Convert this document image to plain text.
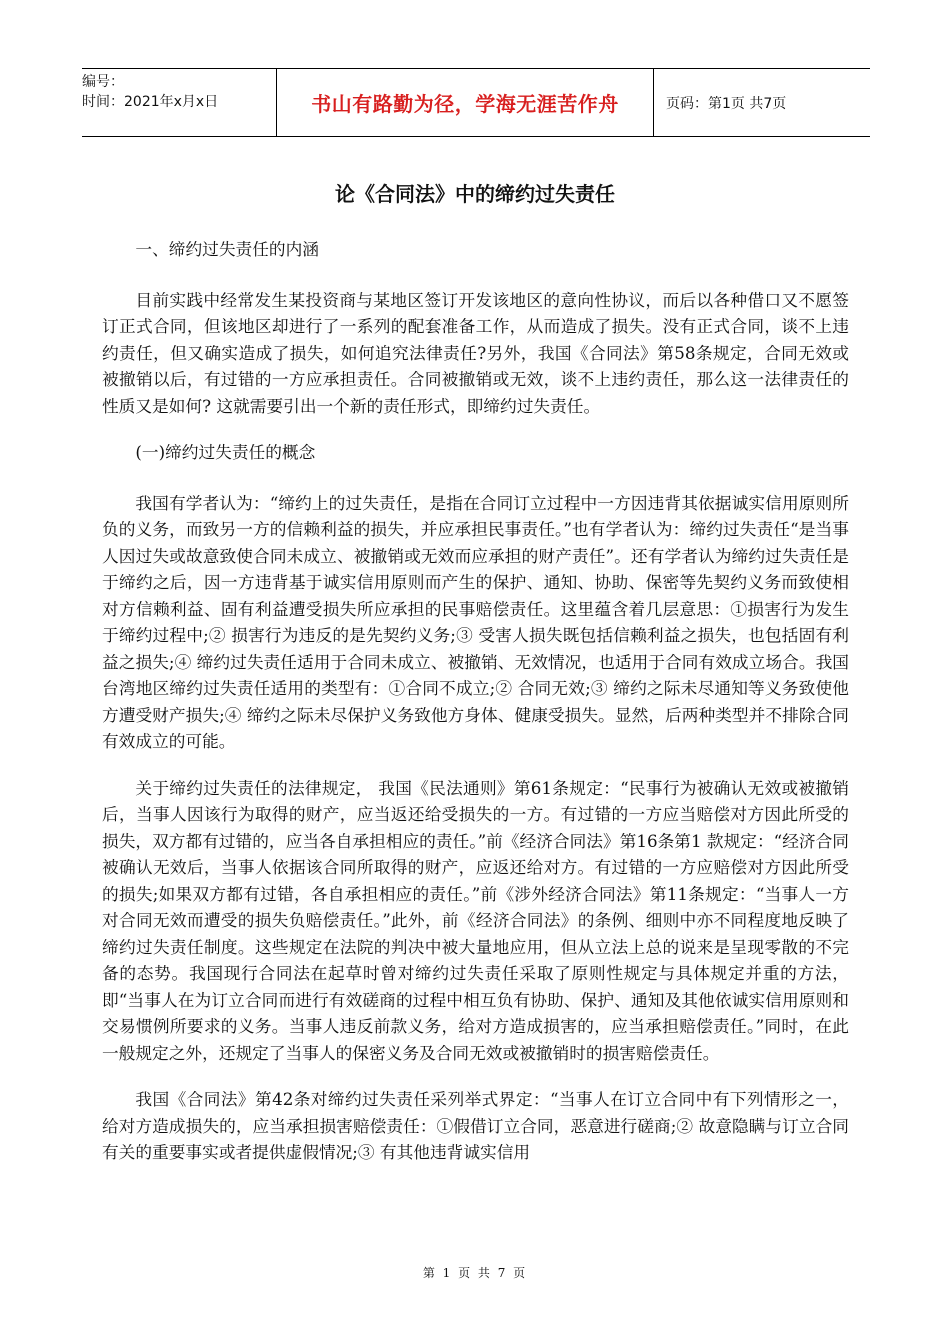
编号：
时间：2021年x月x日	书山有路勤为径，学海无涯苦作舟	页码：第1页 共7页
论《合同法》中的缔约过失责任

一、缔约过失责任的内涵

目前实践中经常发生某投资商与某地区签订开发该地区的意向性协议，而后以各种借口又不愿签订正式合同，但该地区却进行了一系列的配套准备工作，从而造成了损失。没有正式合同，谈不上违约责任，但又确实造成了损失，如何追究法律责任?另外，我国《合同法》第58条规定，合同无效或被撤销以后，有过错的一方应承担责任。合同被撤销或无效，谈不上违约责任，那么这一法律责任的性质又是如何? 这就需要引出一个新的责任形式，即缔约过失责任。

(一)缔约过失责任的概念

我国有学者认为：“缔约上的过失责任，是指在合同订立过程中一方因违背其依据诚实信用原则所负的义务，而致另一方的信赖利益的损失，并应承担民事责任。”也有学者认为：缔约过失责任“是当事人因过失或故意致使合同未成立、被撤销或无效而应承担的财产责任”。还有学者认为缔约过失责任是于缔约之后，因一方违背基于诚实信用原则而产生的保护、通知、协助、保密等先契约义务而致使相对方信赖利益、固有利益遭受损失所应承担的民事赔偿责任。这里蕴含着几层意思：①损害行为发生于缔约过程中;② 损害行为违反的是先契约义务;③ 受害人损失既包括信赖利益之损失，也包括固有利益之损失;④ 缔约过失责任适用于合同未成立、被撤销、无效情况，也适用于合同有效成立场合。我国台湾地区缔约过失责任适用的类型有：①合同不成立;② 合同无效;③ 缔约之际未尽通知等义务致使他方遭受财产损失;④ 缔约之际未尽保护义务致他方身体、健康受损失。显然，后两种类型并不排除合同有效成立的可能。

关于缔约过失责任的法律规定， 我国《民法通则》第61条规定：“民事行为被确认无效或被撤销后，当事人因该行为取得的财产，应当返还给受损失的一方。有过错的一方应当赔偿对方因此所受的损失，双方都有过错的，应当各自承担相应的责任。”前《经济合同法》第16条第1 款规定：“经济合同被确认无效后，当事人依据该合同所取得的财产，应返还给对方。有过错的一方应赔偿对方因此所受的损失;如果双方都有过错，各自承担相应的责任。”前《涉外经济合同法》第11条规定：“当事人一方对合同无效而遭受的损失负赔偿责任。”此外，前《经济合同法》的条例、细则中亦不同程度地反映了缔约过失责任制度。这些规定在法院的判决中被大量地应用，但从立法上总的说来是呈现零散的不完备的态势。我国现行合同法在起草时曾对缔约过失责任采取了原则性规定与具体规定并重的方法，即“当事人在为订立合同而进行有效磋商的过程中相互负有协助、保护、通知及其他依诚实信用原则和交易惯例所要求的义务。当事人违反前款义务，给对方造成损害的，应当承担赔偿责任。”同时，在此一般规定之外，还规定了当事人的保密义务及合同无效或被撤销时的损害赔偿责任。

我国《合同法》第42条对缔约过失责任采列举式界定：“当事人在订立合同中有下列情形之一，给对方造成损失的，应当承担损害赔偿责任：①假借订立合同，恶意进行磋商;② 故意隐瞒与订立合同有关的重要事实或者提供虚假情况;③ 有其他违背诚实信用

第 1 页 共 7 页
